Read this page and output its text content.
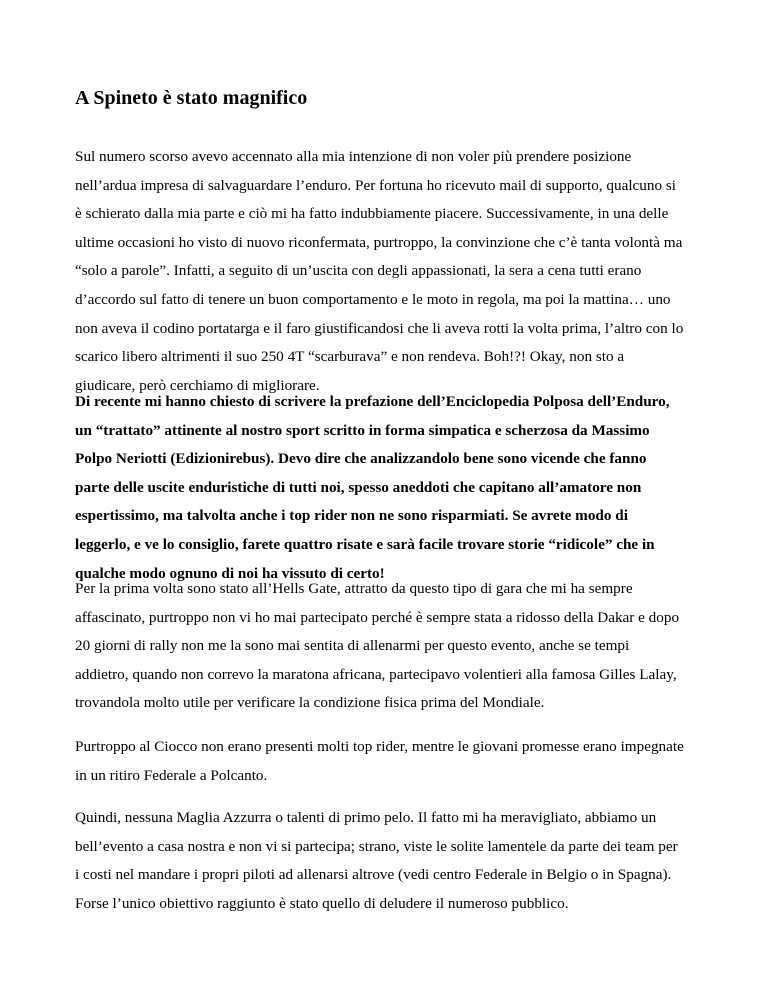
A Spineto è stato magnifico

Sul numero scorso avevo accennato alla mia intenzione di non voler più prendere posizione
nell’ardua impresa di salvaguardare l’enduro. Per fortuna ho ricevuto mail di supporto, qualcuno si
è schierato dalla mia parte e ciò mi ha fatto indubbiamente piacere. Successivamente, in una delle
ultime occasioni ho visto di nuovo riconfermata, purtroppo, la convinzione che c’è tanta volontà ma
“solo a parole”. Infatti, a seguito di un’uscita con degli appassionati, la sera a cena tutti erano
d’accordo sul fatto di tenere un buon comportamento e le moto in regola, ma poi la mattina… uno
non aveva il codino portatarga e il faro giustificandosi che li aveva rotti la volta prima, l’altro con lo
scarico libero altrimenti il suo 250 4T “scarburava” e non rendeva. Boh!?! Okay, non sto a
giudicare, però cerchiamo di migliorare.

Di recente mi hanno chiesto di scrivere la prefazione dell’Enciclopedia Polposa dell’Enduro,
un “trattato” attinente al nostro sport scritto in forma simpatica e scherzosa da Massimo
Polpo Neriotti (Edizionirebus). Devo dire che analizzandolo bene sono vicende che fanno
parte delle uscite enduristiche di tutti noi, spesso aneddoti che capitano all’amatore non
espertissimo, ma talvolta anche i top rider non ne sono risparmiati. Se avrete modo di
leggerlo, e ve lo consiglio, farete quattro risate e sarà facile trovare storie “ridicole” che in
qualche modo ognuno di noi ha vissuto di certo!

Per la prima volta sono stato all’Hells Gate, attratto da questo tipo di gara che mi ha sempre
affascinato, purtroppo non vi ho mai partecipato perché è sempre stata a ridosso della Dakar e dopo
20 giorni di rally non me la sono mai sentita di allenarmi per questo evento, anche se tempi
addietro, quando non correvo la maratona africana, partecipavo volentieri alla famosa Gilles Lalay,
trovandola molto utile per verificare la condizione fisica prima del Mondiale.

Purtroppo al Ciocco non erano presenti molti top rider, mentre le giovani promesse erano impegnate
in un ritiro Federale a Polcanto.

Quindi, nessuna Maglia Azzurra o talenti di primo pelo. Il fatto mi ha meravigliato, abbiamo un
bell’evento a casa nostra e non vi si partecipa; strano, viste le solite lamentele da parte dei team per
i costi nel mandare i propri piloti ad allenarsi altrove (vedi centro Federale in Belgio o in Spagna).
Forse l’unico obiettivo raggiunto è stato quello di deludere il numeroso pubblico.
